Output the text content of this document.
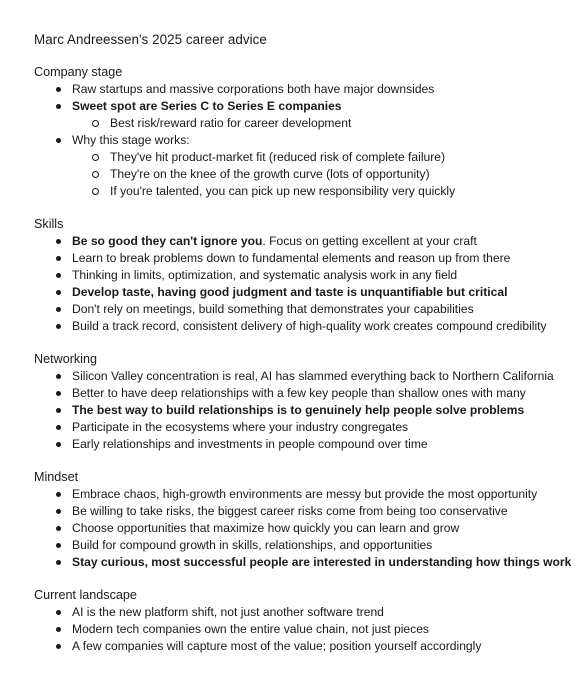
Marc Andreessen's 2025 career advice
Company stage
Raw startups and massive corporations both have major downsides
Sweet spot are Series C to Series E companies
Best risk/reward ratio for career development
Why this stage works:
They've hit product-market fit (reduced risk of complete failure)
They're on the knee of the growth curve (lots of opportunity)
If you're talented, you can pick up new responsibility very quickly
Skills
Be so good they can't ignore you. Focus on getting excellent at your craft
Learn to break problems down to fundamental elements and reason up from there
Thinking in limits, optimization, and systematic analysis work in any field
Develop taste, having good judgment and taste is unquantifiable but critical
Don't rely on meetings, build something that demonstrates your capabilities
Build a track record, consistent delivery of high-quality work creates compound credibility
Networking
Silicon Valley concentration is real, AI has slammed everything back to Northern California
Better to have deep relationships with a few key people than shallow ones with many
The best way to build relationships is to genuinely help people solve problems
Participate in the ecosystems where your industry congregates
Early relationships and investments in people compound over time
Mindset
Embrace chaos, high-growth environments are messy but provide the most opportunity
Be willing to take risks, the biggest career risks come from being too conservative
Choose opportunities that maximize how quickly you can learn and grow
Build for compound growth in skills, relationships, and opportunities
Stay curious, most successful people are interested in understanding how things work
Current landscape
AI is the new platform shift, not just another software trend
Modern tech companies own the entire value chain, not just pieces
A few companies will capture most of the value; position yourself accordingly
